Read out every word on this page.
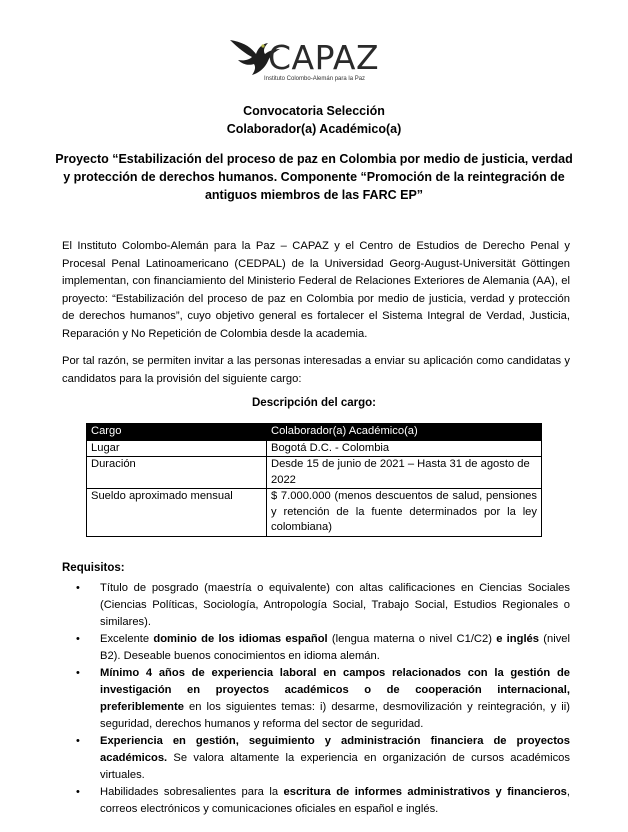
CAPAZ
Instituto Colombo-Alemán para la Paz
Convocatoria Selección
Colaborador(a) Académico(a)
Proyecto “Estabilización del proceso de paz en Colombia por medio de justicia, verdad y protección de derechos humanos. Componente “Promoción de la reintegración de antiguos miembros de las FARC EP”
El Instituto Colombo-Alemán para la Paz – CAPAZ y el Centro de Estudios de Derecho Penal y Procesal Penal Latinoamericano (CEDPAL) de la Universidad Georg-August-Universität Göttingen implementan, con financiamiento del Ministerio Federal de Relaciones Exteriores de Alemania (AA), el proyecto: “Estabilización del proceso de paz en Colombia por medio de justicia, verdad y protección de derechos humanos”, cuyo objetivo general es fortalecer el Sistema Integral de Verdad, Justicia, Reparación y No Repetición de Colombia desde la academia.
Por tal razón, se permiten invitar a las personas interesadas a enviar su aplicación como candidatas y candidatos para la provisión del siguiente cargo:
Descripción del cargo:
Cargo	Colaborador(a) Académico(a)
Lugar	Bogotá D.C. - Colombia
Duración	Desde 15 de junio de 2021 – Hasta 31 de agosto de 2022
Sueldo aproximado mensual	$ 7.000.000 (menos descuentos de salud, pensiones y retención de la fuente determinados por la ley colombiana)
Requisitos:
• Título de posgrado (maestría o equivalente) con altas calificaciones en Ciencias Sociales (Ciencias Políticas, Sociología, Antropología Social, Trabajo Social, Estudios Regionales o similares).
• Excelente dominio de los idiomas español (lengua materna o nivel C1/C2) e inglés (nivel B2). Deseable buenos conocimientos en idioma alemán.
• Mínimo 4 años de experiencia laboral en campos relacionados con la gestión de investigación en proyectos académicos o de cooperación internacional, preferiblemente en los siguientes temas: i) desarme, desmovilización y reintegración, y ii) seguridad, derechos humanos y reforma del sector de seguridad.
• Experiencia en gestión, seguimiento y administración financiera de proyectos académicos. Se valora altamente la experiencia en organización de cursos académicos virtuales.
• Habilidades sobresalientes para la escritura de informes administrativos y financieros, correos electrónicos y comunicaciones oficiales en español e inglés.
